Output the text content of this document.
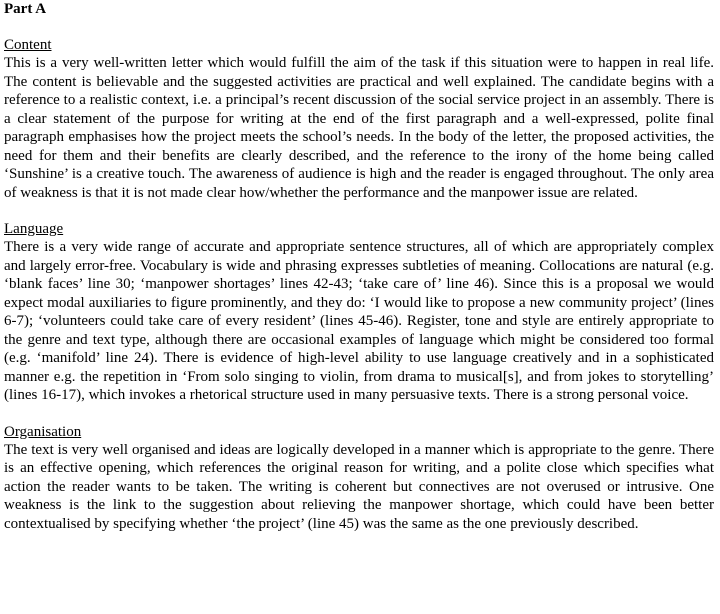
Part A

Content

This is a very well-written letter which would fulfill the aim of the task if this situation were to happen in real life. The content is believable and the suggested activities are practical and well explained. The candidate begins with a reference to a realistic context, i.e. a principal’s recent discussion of the social service project in an assembly. There is a clear statement of the purpose for writing at the end of the first paragraph and a well-expressed, polite final paragraph emphasises how the project meets the school’s needs. In the body of the letter, the proposed activities, the need for them and their benefits are clearly described, and the reference to the irony of the home being called ‘Sunshine’ is a creative touch. The awareness of audience is high and the reader is engaged throughout. The only area of weakness is that it is not made clear how/whether the performance and the manpower issue are related.

Language

There is a very wide range of accurate and appropriate sentence structures, all of which are appropriately complex and largely error-free. Vocabulary is wide and phrasing expresses subtleties of meaning. Collocations are natural (e.g. ‘blank faces’ line 30; ‘manpower shortages’ lines 42-43; ‘take care of’ line 46). Since this is a proposal we would expect modal auxiliaries to figure prominently, and they do: ‘I would like to propose a new community project’ (lines 6-7); ‘volunteers could take care of every resident’ (lines 45-46). Register, tone and style are entirely appropriate to the genre and text type, although there are occasional examples of language which might be considered too formal (e.g. ‘manifold’ line 24). There is evidence of high-level ability to use language creatively and in a sophisticated manner e.g. the repetition in ‘From solo singing to violin, from drama to musical[s], and from jokes to storytelling’ (lines 16-17), which invokes a rhetorical structure used in many persuasive texts. There is a strong personal voice.

Organisation

The text is very well organised and ideas are logically developed in a manner which is appropriate to the genre. There is an effective opening, which references the original reason for writing, and a polite close which specifies what action the reader wants to be taken. The writing is coherent but connectives are not overused or intrusive. One weakness is the link to the suggestion about relieving the manpower shortage, which could have been better contextualised by specifying whether ‘the project’ (line 45) was the same as the one previously described.
